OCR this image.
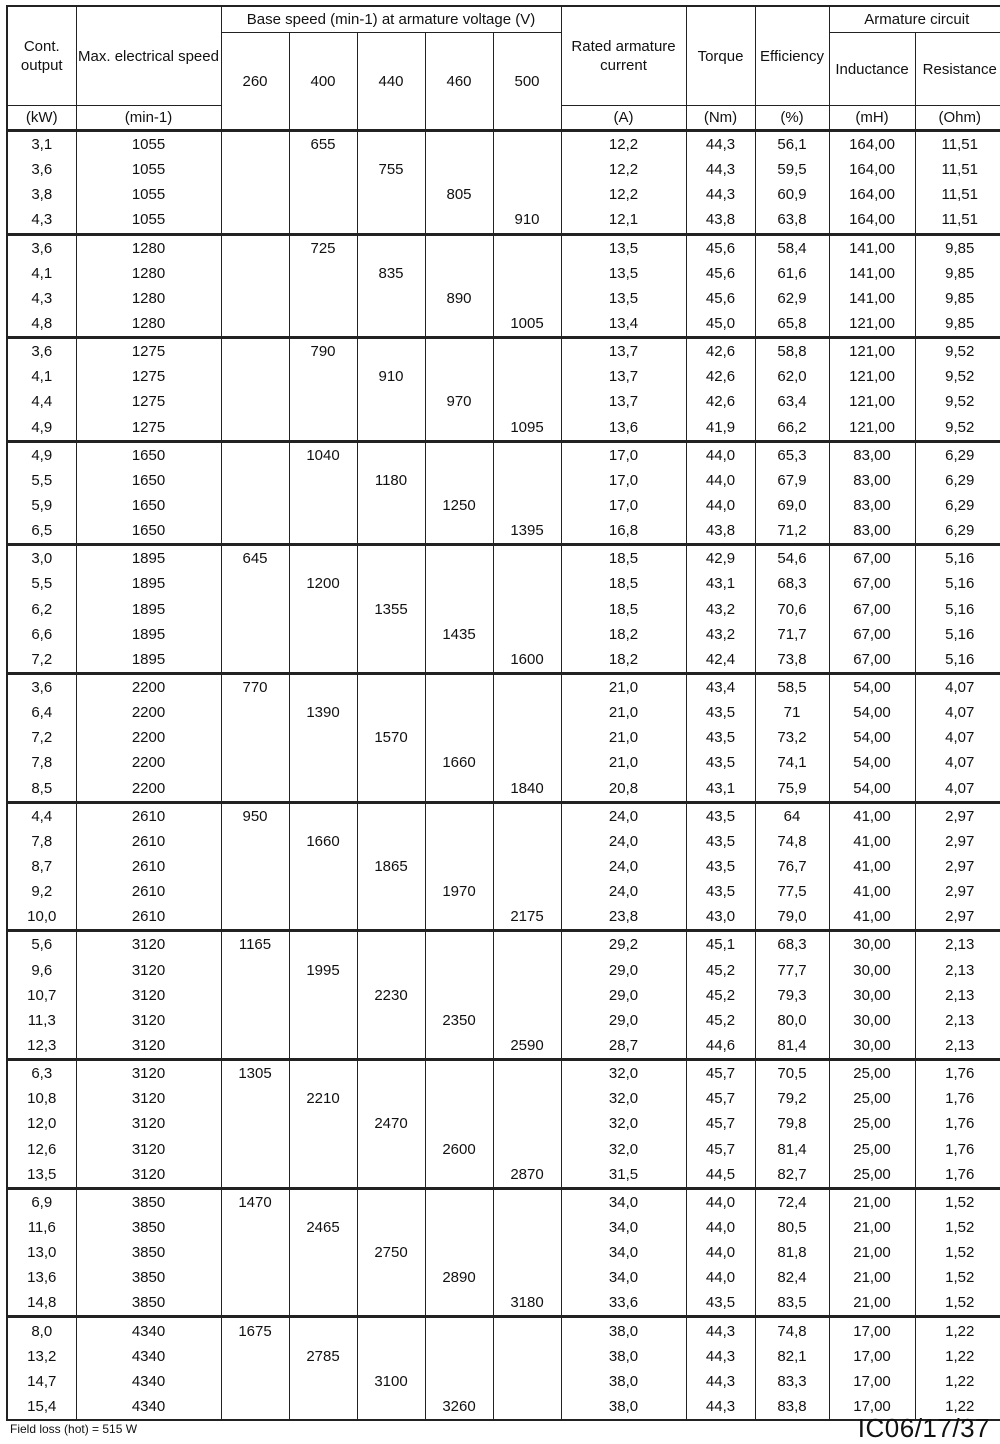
Cont. output	Max. electrical speed	Base speed (min-1) at armature voltage (V)					Rated armature current	Torque	Efficiency	Armature circuit	
		260	400	440	460	500				Inductance	Resistance
(kW)	(min-1)						(A)	(Nm)	(%)	(mH)	(Ohm)
3,1	1055		655				12,2	44,3	56,1	164,00	11,51
3,6	1055			755			12,2	44,3	59,5	164,00	11,51
3,8	1055				805		12,2	44,3	60,9	164,00	11,51
4,3	1055					910	12,1	43,8	63,8	164,00	11,51
3,6	1280		725				13,5	45,6	58,4	141,00	9,85
4,1	1280			835			13,5	45,6	61,6	141,00	9,85
4,3	1280				890		13,5	45,6	62,9	141,00	9,85
4,8	1280					1005	13,4	45,0	65,8	121,00	9,85
3,6	1275		790				13,7	42,6	58,8	121,00	9,52
4,1	1275			910			13,7	42,6	62,0	121,00	9,52
4,4	1275				970		13,7	42,6	63,4	121,00	9,52
4,9	1275					1095	13,6	41,9	66,2	121,00	9,52
4,9	1650		1040				17,0	44,0	65,3	83,00	6,29
5,5	1650			1180			17,0	44,0	67,9	83,00	6,29
5,9	1650				1250		17,0	44,0	69,0	83,00	6,29
6,5	1650					1395	16,8	43,8	71,2	83,00	6,29
3,0	1895	645					18,5	42,9	54,6	67,00	5,16
5,5	1895		1200				18,5	43,1	68,3	67,00	5,16
6,2	1895			1355			18,5	43,2	70,6	67,00	5,16
6,6	1895				1435		18,2	43,2	71,7	67,00	5,16
7,2	1895					1600	18,2	42,4	73,8	67,00	5,16
3,6	2200	770					21,0	43,4	58,5	54,00	4,07
6,4	2200		1390				21,0	43,5	71	54,00	4,07
7,2	2200			1570			21,0	43,5	73,2	54,00	4,07
7,8	2200				1660		21,0	43,5	74,1	54,00	4,07
8,5	2200					1840	20,8	43,1	75,9	54,00	4,07
4,4	2610	950					24,0	43,5	64	41,00	2,97
7,8	2610		1660				24,0	43,5	74,8	41,00	2,97
8,7	2610			1865			24,0	43,5	76,7	41,00	2,97
9,2	2610				1970		24,0	43,5	77,5	41,00	2,97
10,0	2610					2175	23,8	43,0	79,0	41,00	2,97
5,6	3120	1165					29,2	45,1	68,3	30,00	2,13
9,6	3120		1995				29,0	45,2	77,7	30,00	2,13
10,7	3120			2230			29,0	45,2	79,3	30,00	2,13
11,3	3120				2350		29,0	45,2	80,0	30,00	2,13
12,3	3120					2590	28,7	44,6	81,4	30,00	2,13
6,3	3120	1305					32,0	45,7	70,5	25,00	1,76
10,8	3120		2210				32,0	45,7	79,2	25,00	1,76
12,0	3120			2470			32,0	45,7	79,8	25,00	1,76
12,6	3120				2600		32,0	45,7	81,4	25,00	1,76
13,5	3120					2870	31,5	44,5	82,7	25,00	1,76
6,9	3850	1470					34,0	44,0	72,4	21,00	1,52
11,6	3850		2465				34,0	44,0	80,5	21,00	1,52
13,0	3850			2750			34,0	44,0	81,8	21,00	1,52
13,6	3850				2890		34,0	44,0	82,4	21,00	1,52
14,8	3850					3180	33,6	43,5	83,5	21,00	1,52
8,0	4340	1675					38,0	44,3	74,8	17,00	1,22
13,2	4340		2785				38,0	44,3	82,1	17,00	1,22
14,7	4340			3100			38,0	44,3	83,3	17,00	1,22
15,4	4340				3260		38,0	44,3	83,8	17,00	1,22
Field loss (hot) = 515 W	IC06/17/37
